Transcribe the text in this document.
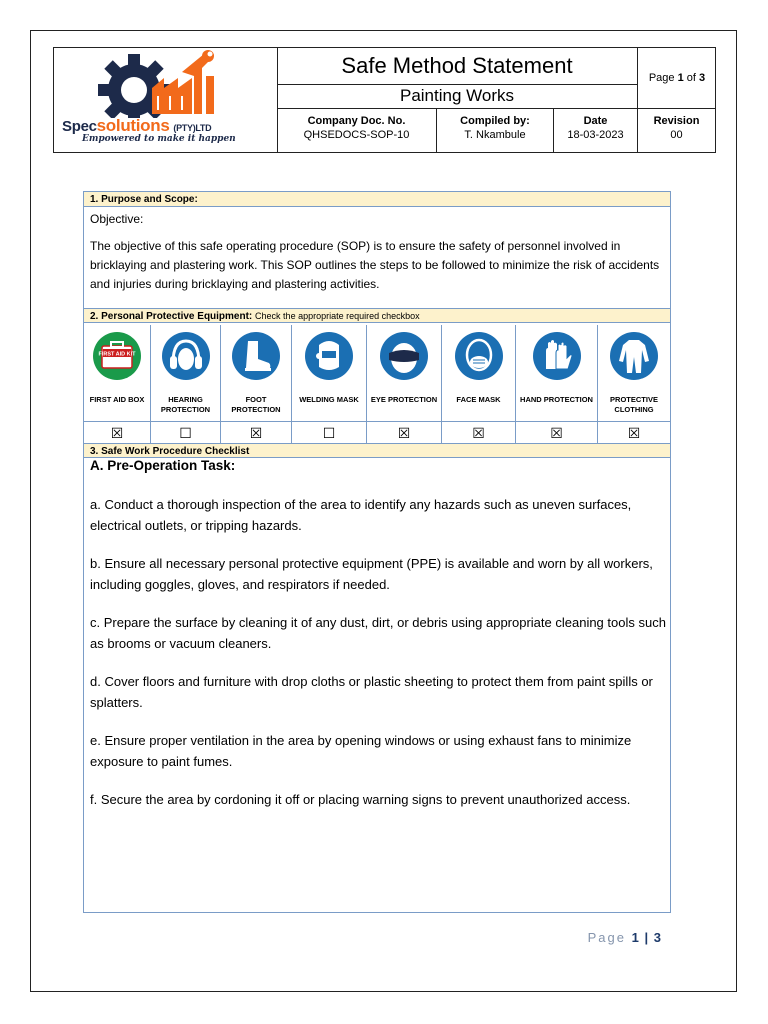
Specsolutions (PTY)LTD
Empowered to make it happen
Safe Method Statement
Painting Works
Page
1
of
3
Company Doc. No.
QHSEDOCS-SOP-10
Compiled by:
T. Nkambule
Date
18-03-2023
Revision
00
1. Purpose and Scope:

Objective:

The objective of this safe operating procedure (SOP) is to ensure the safety of personnel involved in bricklaying and plastering work. This SOP outlines the steps to be followed to minimize the risk of accidents and injuries during bricklaying and plastering activities.

2. Personal Protective Equipment: Check the appropriate required checkbox
FIRST AID KIT
FIRST AID BOX
☒
HEARING PROTECTION
☐
FOOT PROTECTION
☒
WELDING MASK
☐
EYE PROTECTION
☒
FACE MASK
☒
HAND PROTECTION
☒
PROTECTIVE CLOTHING
☒
3. Safe Work Procedure Checklist

A. Pre-Operation Task:

a. Conduct a thorough inspection of the area to identify any hazards such as uneven surfaces, electrical outlets, or tripping hazards.

b. Ensure all necessary personal protective equipment (PPE) is available and worn by all workers, including goggles, gloves, and respirators if needed.

c. Prepare the surface by cleaning it of any dust, dirt, or debris using appropriate cleaning tools such as brooms or vacuum cleaners.

d. Cover floors and furniture with drop cloths or plastic sheeting to protect them from paint spills or splatters.

e. Ensure proper ventilation in the area by opening windows or using exhaust fans to minimize exposure to paint fumes.

f. Secure the area by cordoning it off or placing warning signs to prevent unauthorized access.

Page 1 | 3
